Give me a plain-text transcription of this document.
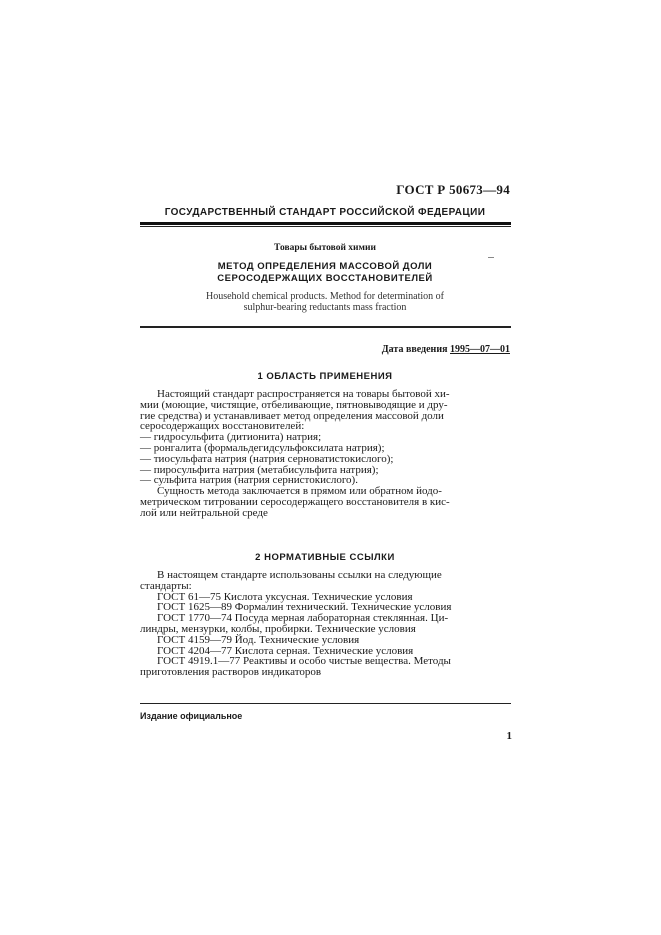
ГОСТ Р 50673—94
ГОСУДАРСТВЕННЫЙ СТАНДАРТ РОССИЙСКОЙ ФЕДЕРАЦИИ
Товары бытовой химии
МЕТОД ОПРЕДЕЛЕНИЯ МАССОВОЙ ДОЛИ
СЕРОСОДЕРЖАЩИХ ВОССТАНОВИТЕЛЕЙ
Household chemical products. Method for determination of
sulphur-bearing reductants mass fraction
Дата введения 1995—07—01
1 ОБЛАСТЬ ПРИМЕНЕНИЯ

Настоящий стандарт распространяется на товары бытовой хи-

мии (моющие, чистящие, отбеливающие, пятновыводящие и дру-

гие средства) и устанавливает метод определения массовой доли

серосодержащих восстановителей:

— гидросульфита (дитионита) натрия;

— ронгалита (формальдегидсульфоксилата натрия);

— тиосульфата натрия (натрия серноватистокислого);

— пиросульфита натрия (метабисульфита натрия);

— сульфита натрия (натрия сернистокислого).

Сущность метода заключается в прямом или обратном йодо-

метрическом титровании серосодержащего восстановителя в кис-

лой или нейтральной среде

2 НОРМАТИВНЫЕ ССЫЛКИ

В настоящем стандарте использованы ссылки на следующие

стандарты:

ГОСТ 61—75 Кислота уксусная. Технические условия

ГОСТ 1625—89 Формалин технический. Технические условия

ГОСТ 1770—74 Посуда мерная лабораторная стеклянная. Ци-

линдры, мензурки, колбы, пробирки. Технические условия

ГОСТ 4159—79 Йод. Технические условия

ГОСТ 4204—77 Кислота серная. Технические условия

ГОСТ 4919.1—77 Реактивы и особо чистые вещества. Методы

приготовления растворов индикаторов

Издание официальное
1
